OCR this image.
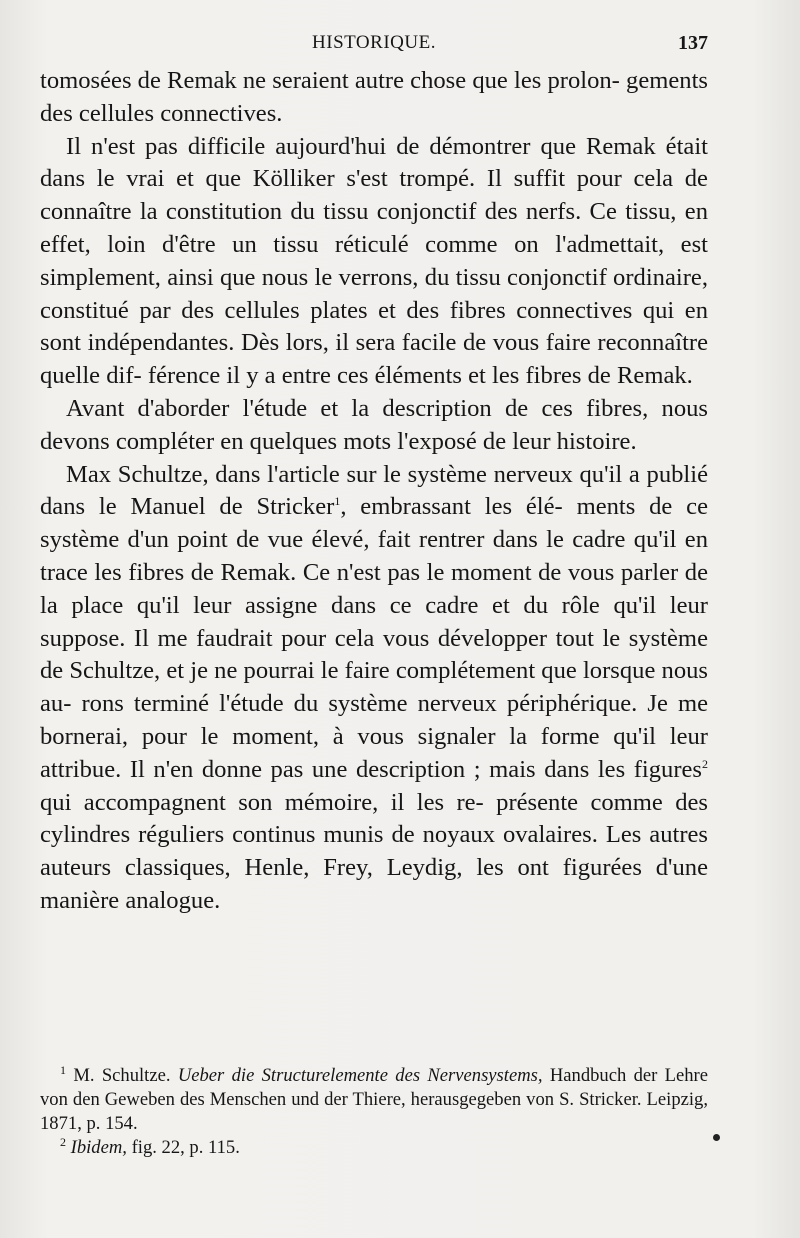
HISTORIQUE.	137

tomosées de Remak ne seraient autre chose que les prolon- gements des cellules connectives.

Il n'est pas difficile aujourd'hui de démontrer que Remak était dans le vrai et que Kölliker s'est trompé. Il suffit pour cela de connaître la constitution du tissu conjonctif des nerfs. Ce tissu, en effet, loin d'être un tissu réticulé comme on l'admettait, est simplement, ainsi que nous le verrons, du tissu conjonctif ordinaire, constitué par des cellules plates et des fibres connectives qui en sont indépendantes. Dès lors, il sera facile de vous faire reconnaître quelle dif- férence il y a entre ces éléments et les fibres de Remak.

Avant d'aborder l'étude et la description de ces fibres, nous devons compléter en quelques mots l'exposé de leur histoire.

Max Schultze, dans l'article sur le système nerveux qu'il a publié dans le Manuel de Stricker$^1$, embrassant les élé- ments de ce système d'un point de vue élevé, fait rentrer dans le cadre qu'il en trace les fibres de Remak. Ce n'est pas le moment de vous parler de la place qu'il leur assigne dans ce cadre et du rôle qu'il leur suppose. Il me faudrait pour cela vous développer tout le système de Schultze, et je ne pourrai le faire complétement que lorsque nous au- rons terminé l'étude du système nerveux périphérique. Je me bornerai, pour le moment, à vous signaler la forme qu'il leur attribue. Il n'en donne pas une description ; mais dans les figures$^2$ qui accompagnent son mémoire, il les re- présente comme des cylindres réguliers continus munis de noyaux ovalaires. Les autres auteurs classiques, Henle, Frey, Leydig, les ont figurées d'une manière analogue.

$^1$ M. Schultze. Ueber die Structurelemente des Nervensystems, Handbuch der Lehre von den Geweben des Menschen und der Thiere, herausgegeben von S. Stricker. Leipzig, 1871, p. 154.

$^2$ Ibidem, fig. 22, p. 115.
